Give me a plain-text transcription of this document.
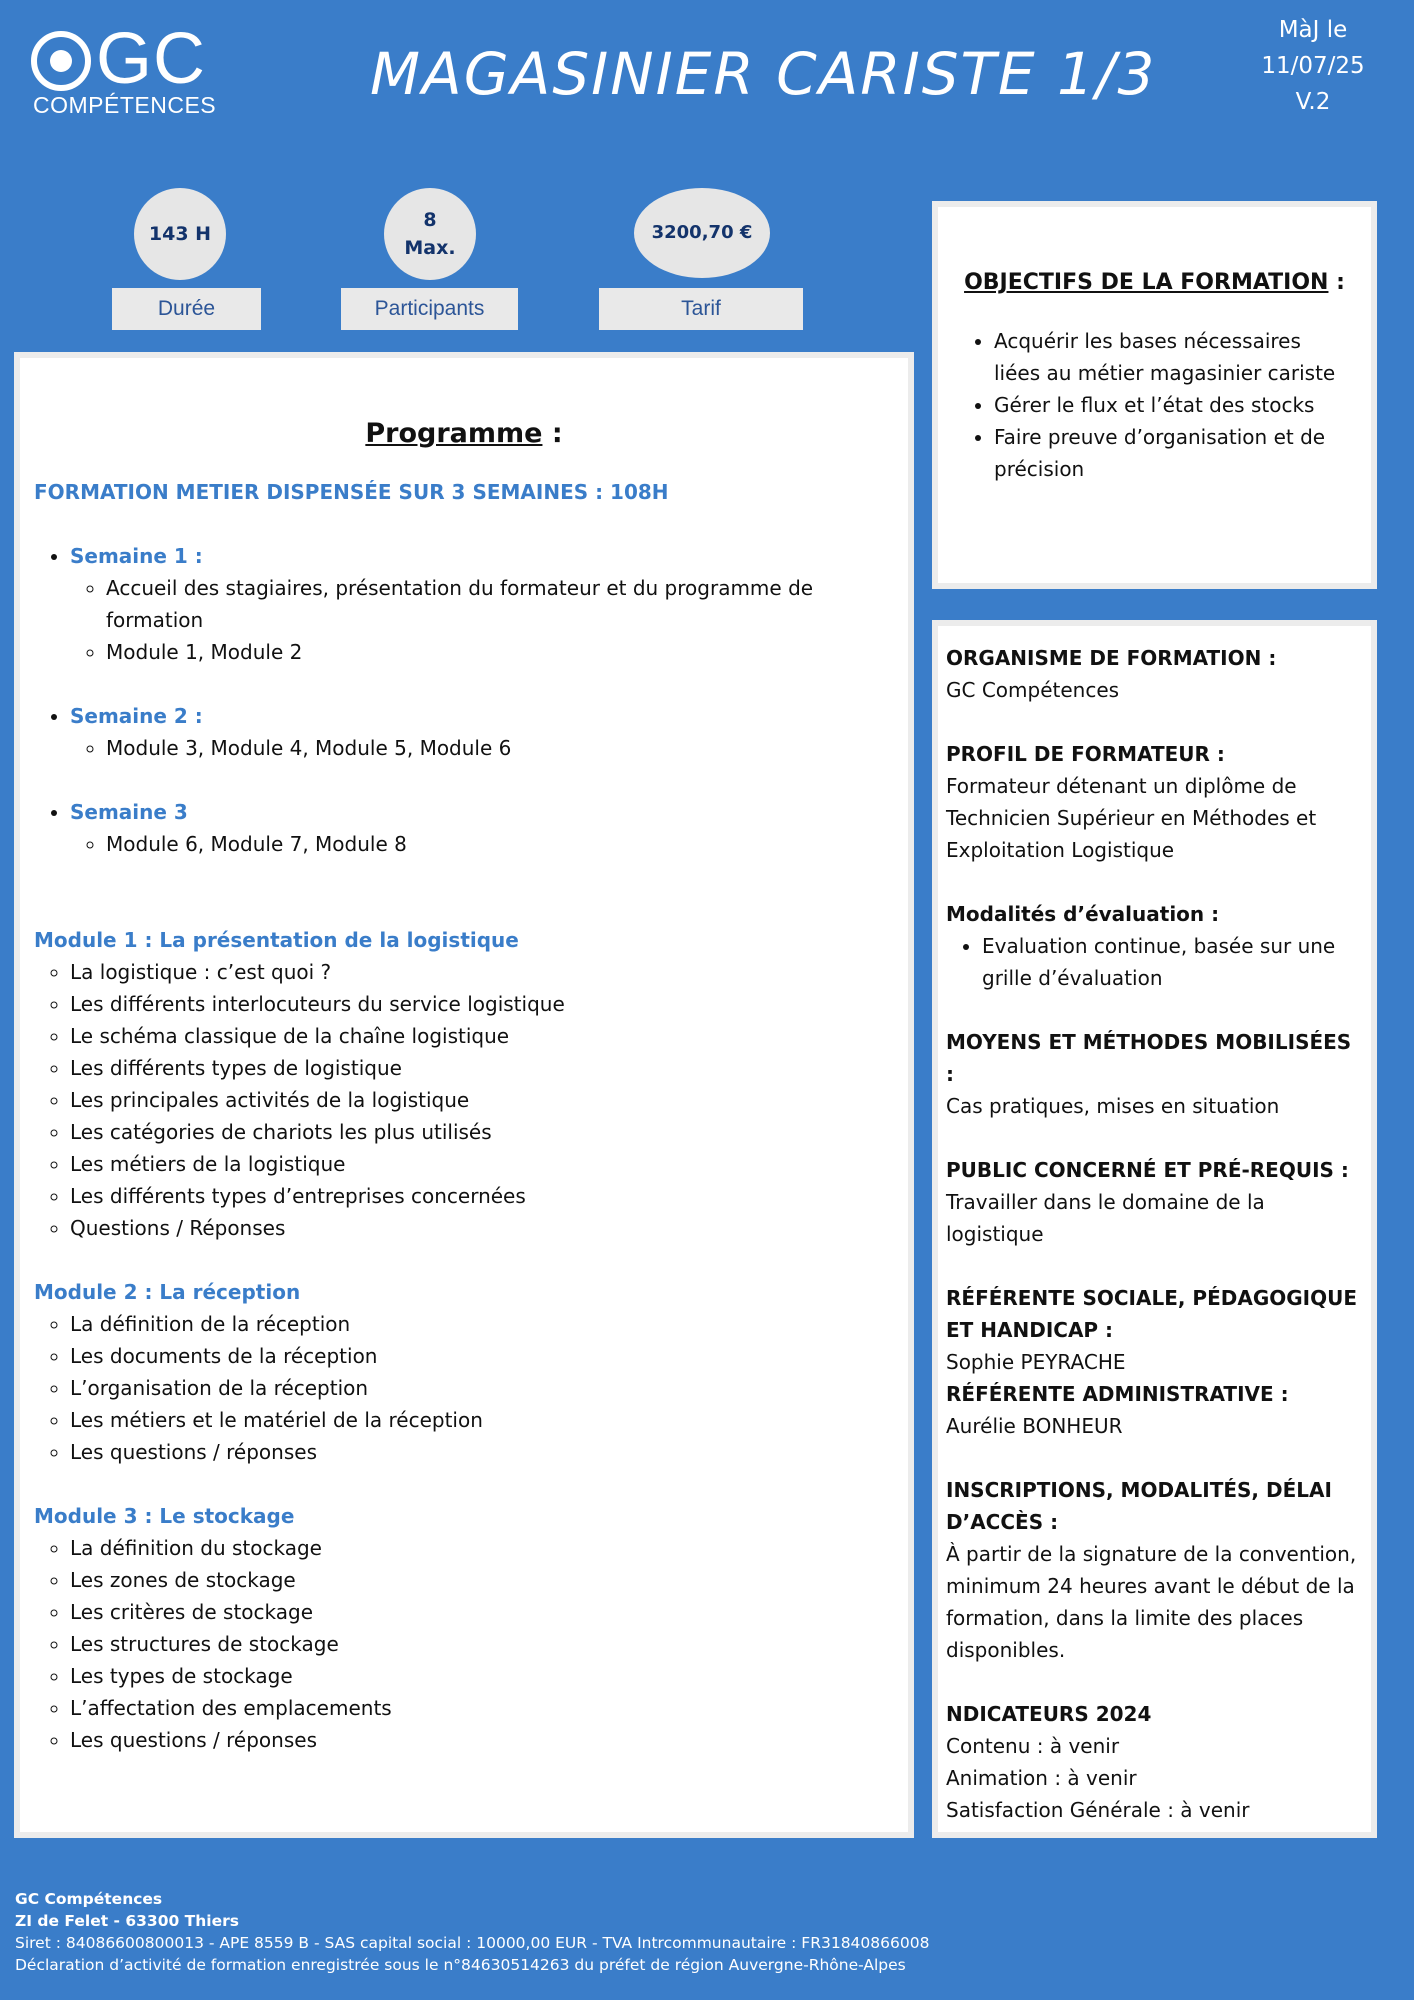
GC
COMPÉTENCES	MAGASINIER CARISTE 1/3
MàJ le
11/07/25
V.2
143 H
Durée
8
Max.
Participants
3200,70 €
Tarif
Programme :
FORMATION METIER DISPENSÉE SUR 3 SEMAINES : 108H
• Semaine 1 :
◦ Accueil des stagiaires, présentation du formateur et du programme de formation
◦ Module 1, Module 2
• Semaine 2 :
◦ Module 3, Module 4, Module 5, Module 6
• Semaine 3
◦ Module 6, Module 7, Module 8
Module 1 : La présentation de la logistique
◦ La logistique : c’est quoi ?
◦ Les différents interlocuteurs du service logistique
◦ Le schéma classique de la chaîne logistique
◦ Les différents types de logistique
◦ Les principales activités de la logistique
◦ Les catégories de chariots les plus utilisés
◦ Les métiers de la logistique
◦ Les différents types d’entreprises concernées
◦ Questions / Réponses
Module 2 : La réception
◦ La définition de la réception
◦ Les documents de la réception
◦ L’organisation de la réception
◦ Les métiers et le matériel de la réception
◦ Les questions / réponses
Module 3 : Le stockage
◦ La définition du stockage
◦ Les zones de stockage
◦ Les critères de stockage
◦ Les structures de stockage
◦ Les types de stockage
◦ L’affectation des emplacements
◦ Les questions / réponses
OBJECTIFS DE LA FORMATION :
• Acquérir les bases nécessaires liées au métier magasinier cariste
• Gérer le flux et l’état des stocks
• Faire preuve d’organisation et de précision
ORGANISME DE FORMATION :
GC Compétences
PROFIL DE FORMATEUR :
Formateur détenant un diplôme de Technicien Supérieur en Méthodes et Exploitation Logistique
Modalités d’évaluation :
• Evaluation continue, basée sur une grille d’évaluation
MOYENS ET MÉTHODES MOBILISÉES :
Cas pratiques, mises en situation
PUBLIC CONCERNÉ ET PRÉ-REQUIS :
Travailler dans le domaine de la logistique
RÉFÉRENTE SOCIALE, PÉDAGOGIQUE ET HANDICAP :
Sophie PEYRACHE
RÉFÉRENTE ADMINISTRATIVE :
Aurélie BONHEUR
INSCRIPTIONS, MODALITÉS, DÉLAI D’ACCÈS :
À partir de la signature de la convention, minimum 24 heures avant le début de la formation, dans la limite des places disponibles.
NDICATEURS 2024
Contenu : à venir
Animation : à venir
Satisfaction Générale : à venir
GC Compétences
ZI de Felet - 63300 Thiers
Siret : 84086600800013 - APE 8559 B - SAS capital social : 10000,00 EUR - TVA Intrcommunautaire : FR31840866008
Déclaration d’activité de formation enregistrée sous le n°84630514263 du préfet de région Auvergne-Rhône-Alpes
